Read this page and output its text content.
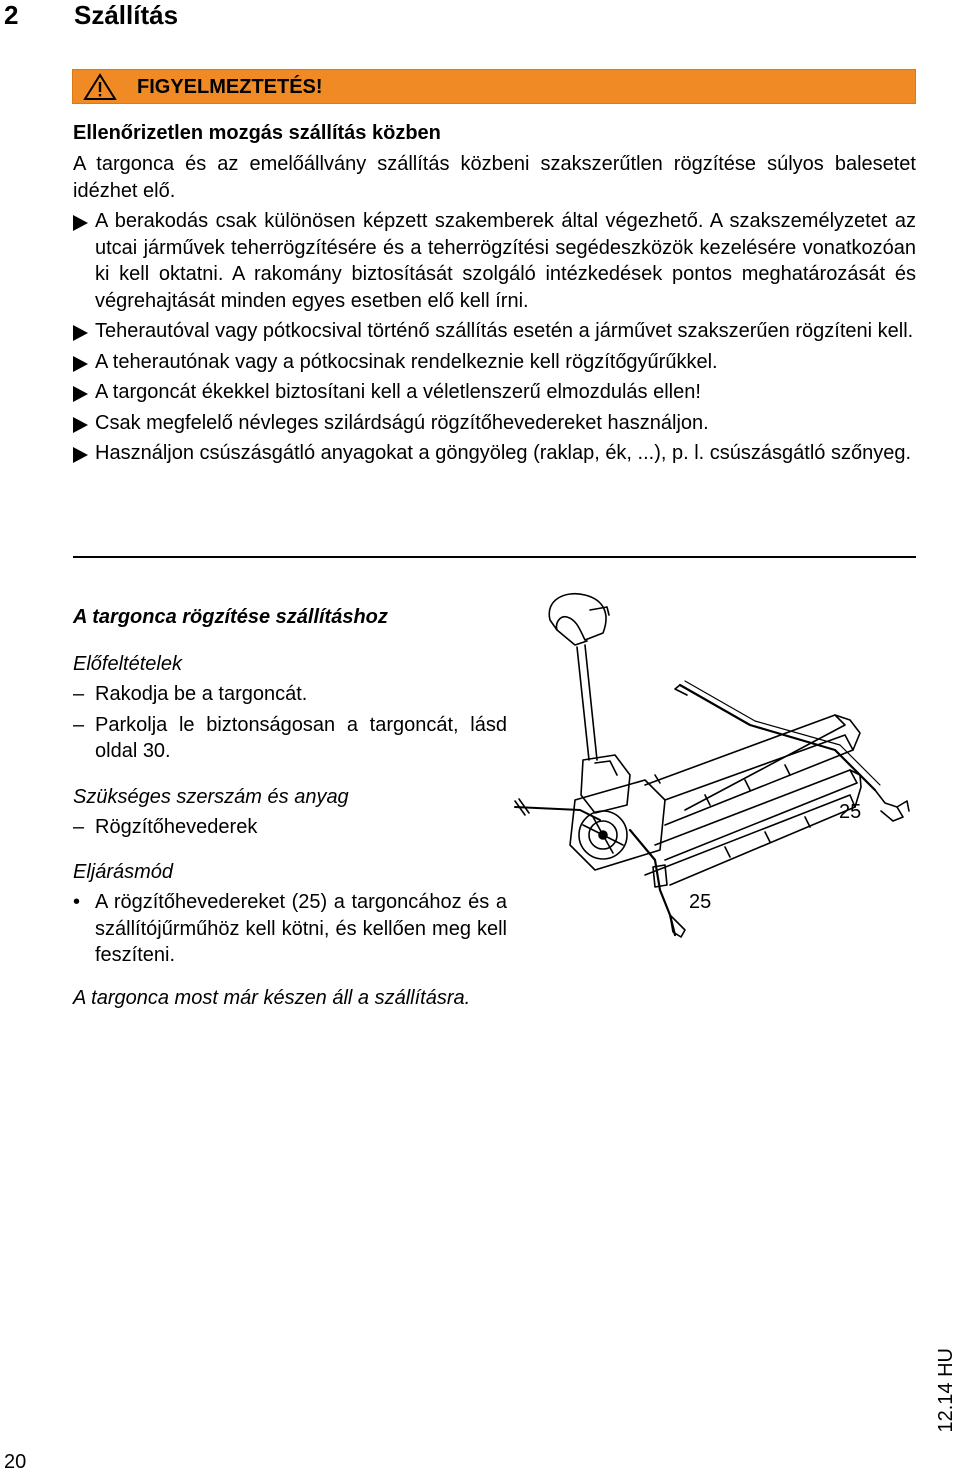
2 Szállítás
FIGYELMEZTETÉS!
Ellenőrizetlen mozgás szállítás közben
A targonca és az emelőállvány szállítás közbeni szakszerűtlen rögzítése súlyos balesetet idézhet elő.
A berakodás csak különösen képzett szakemberek által végezhető. A szakszemélyzetet az utcai járművek teherrögzítésére és a teherrögzítési segédeszközök kezelésére vonatkozóan ki kell oktatni. A rakomány biztosítását szolgáló intézkedések pontos meghatározását és végrehajtását minden egyes esetben elő kell írni.
Teherautóval vagy pótkocsival történő szállítás esetén a járművet szakszerűen rögzíteni kell.
A teherautónak vagy a pótkocsinak rendelkeznie kell rögzítőgyűrűkkel.
A targoncát ékekkel biztosítani kell a véletlenszerű elmozdulás ellen!
Csak megfelelő névleges szilárdságú rögzítőhevedereket használjon.
Használjon csúszásgátló anyagokat a göngyöleg (raklap, ék, ...), p. l. csúszásgátló szőnyeg.
A targonca rögzítése szállításhoz
Előfeltételek
– Rakodja be a targoncát.
– Parkolja le biztonságosan a targoncát, lásd oldal 30.
Szükséges szerszám és anyag
– Rögzítőhevederek
Eljárásmód
• A rögzítőhevedereket (25) a targoncához és a szállítójűrműhöz kell kötni, és kellően meg kell feszíteni.
A targonca most már készen áll a szállításra.
25
25
20
12.14 HU
